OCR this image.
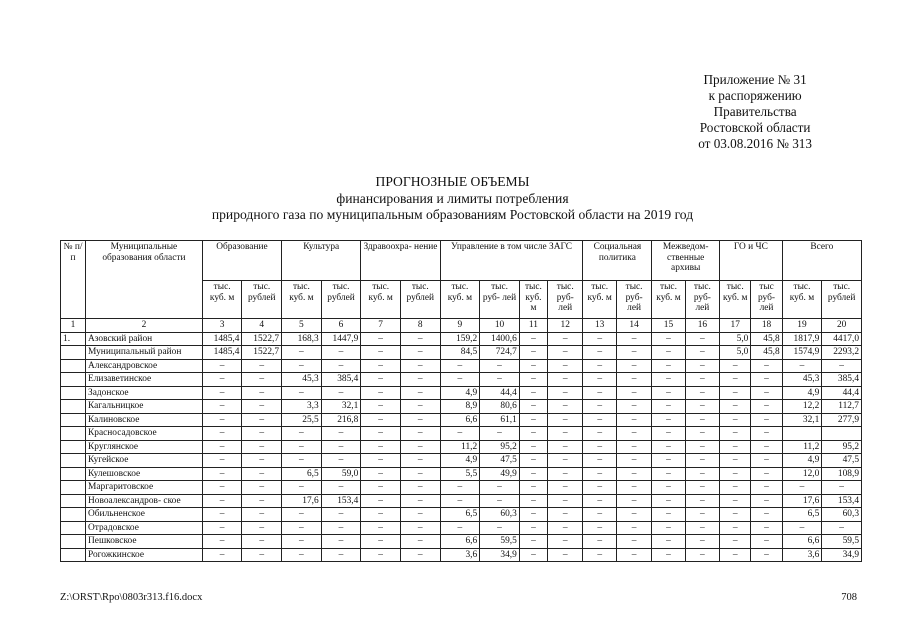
Приложение № 31
к распоряжению
Правительства
Ростовской области
от 03.08.2016 № 313
ПРОГНОЗНЫЕ ОБЪЕМЫ
финансирования и лимиты потребления
природного газа по муниципальным образованиям Ростовской области на 2019 год
№ п/п	Муниципальные образования области	Образование		Культура		Здравоохра- нение		Управление в том числе ЗАГС				Социальная политика		Межведом- ственные архивы		ГО и ЧС		Всего	
		тыс. куб. м	тыс. рублей	тыс. куб. м	тыс. рублей	тыс. куб. м	тыс. рублей	тыс. куб. м	тыс. руб- лей	тыс. куб. м	тыс. руб- лей	тыс. куб. м	тыс. руб- лей	тыс. куб. м	тыс. руб- лей	тыс. куб. м	тыс руб- лей	тыс. куб. м	тыс. рублей
1	2	3	4	5	6	7	8	9	10	11	12	13	14	15	16	17	18	19	20
1.	Азовский район	1485,4	1522,7	168,3	1447,9	–	–	159,2	1400,6	–	–	–	–	–	–	5,0	45,8	1817,9	4417,0
	Муниципальный район	1485,4	1522,7	–	–	–	–	84,5	724,7	–	–	–	–	–	–	5,0	45,8	1574,9	2293,2
	Александровское	–	–	–	–	–	–	–	–	–	–	–	–	–	–	–	–	–	–
	Елизаветинское	–	–	45,3	385,4	–	–	–	–	–	–	–	–	–	–	–	–	45,3	385,4
	Задонское	–	–	–	–	–	–	4,9	44,4	–	–	–	–	–	–	–	–	4,9	44,4
	Кагальницкое	–	–	3,3	32,1	–	–	8,9	80,6	–	–	–	–	–	–	–	–	12,2	112,7
	Калиновское	–	–	25,5	216,8	–	–	6,6	61,1	–	–	–	–	–	–	–	–	32,1	277,9
	Красносадовское	–	–	–	–	–	–	–	–	–	–	–	–	–	–	–	–		
	Круглянское	–	–	–	–	–	–	11,2	95,2	–	–	–	–	–	–	–	–	11,2	95,2
	Кугейское	–	–	–	–	–	–	4,9	47,5	–	–	–	–	–	–	–	–	4,9	47,5
	Кулешовское	–	–	6,5	59,0	–	–	5,5	49,9	–	–	–	–	–	–	–	–	12,0	108,9
	Маргаритовское	–	–	–	–	–	–	–	–	–	–	–	–	–	–	–	–	–	–
	Новоалександров- ское	–	–	17,6	153,4	–	–	–	–	–	–	–	–	–	–	–	–	17,6	153,4
	Обильненское	–	–	–	–	–	–	6,5	60,3	–	–	–	–	–	–	–	–	6,5	60,3
	Отрадовское	–	–	–	–	–	–	–	–	–	–	–	–	–	–	–	–	–	–
	Пешковское	–	–	–	–	–	–	6,6	59,5	–	–	–	–	–	–	–	–	6,6	59,5
	Рогожкинское	–	–	–	–	–	–	3,6	34,9	–	–	–	–	–	–	–	–	3,6	34,9
Z:\ORST\Rpo\0803r313.f16.docx	708
